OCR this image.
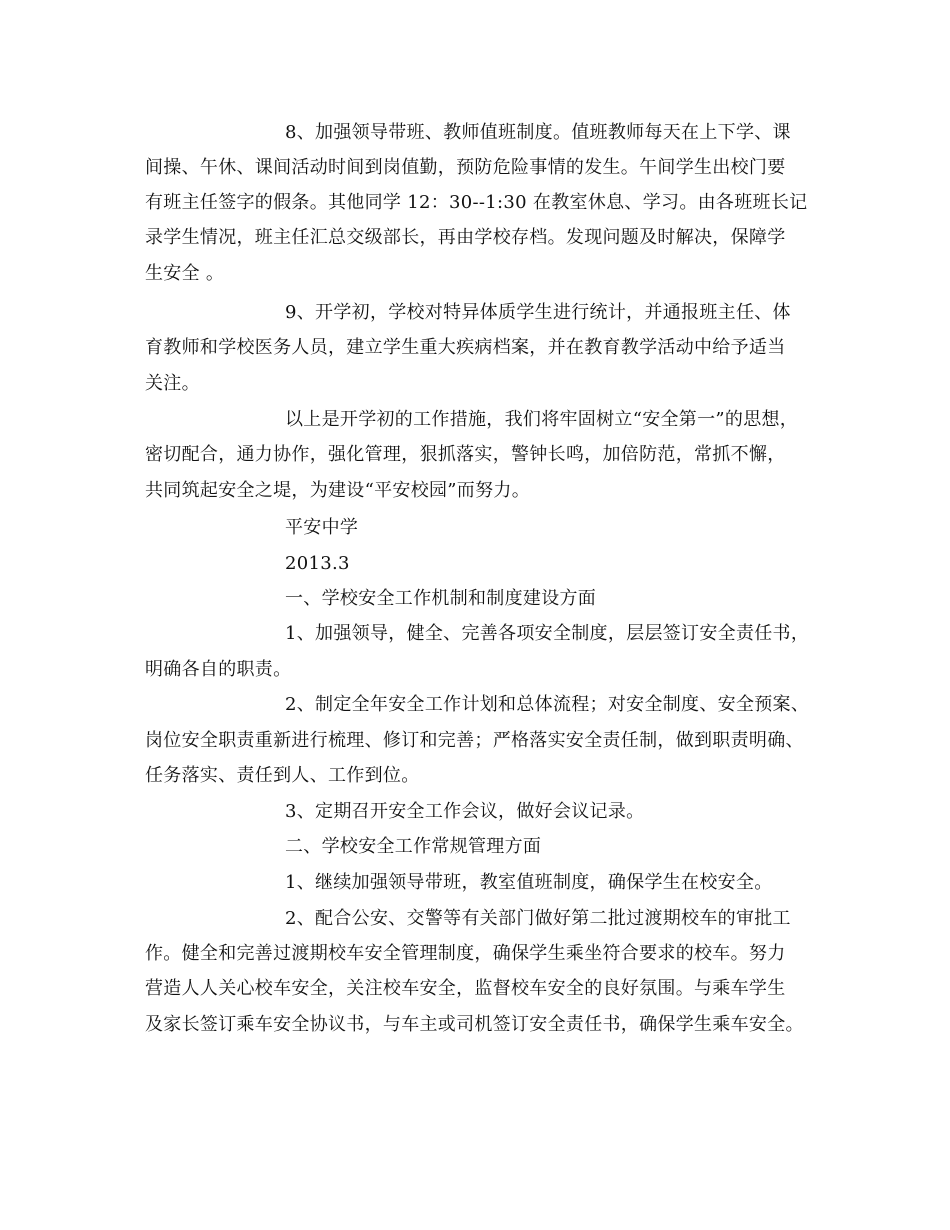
8、加强领导带班、教师值班制度。值班教师每天在上下学、课
间操、午休、课间活动时间到岗值勤，预防危险事情的发生。午间学生出校门要
有班主任签字的假条。其他同学 12：30--1:30 在教室休息、学习。由各班班长记
录学生情况，班主任汇总交级部长，再由学校存档。发现问题及时解决，保障学
生安全 。
9、开学初，学校对特异体质学生进行统计，并通报班主任、体
育教师和学校医务人员，建立学生重大疾病档案，并在教育教学活动中给予适当
关注。
以上是开学初的工作措施，我们将牢固树立“安全第一”的思想，
密切配合，通力协作，强化管理，狠抓落实，警钟长鸣，加倍防范，常抓不懈，
共同筑起安全之堤，为建设“平安校园”而努力。
平安中学
2013.3
一、学校安全工作机制和制度建设方面
1、加强领导，健全、完善各项安全制度，层层签订安全责任书，
明确各自的职责。
2、制定全年安全工作计划和总体流程；对安全制度、安全预案、
岗位安全职责重新进行梳理、修订和完善；严格落实安全责任制，做到职责明确、
任务落实、责任到人、工作到位。
3、定期召开安全工作会议，做好会议记录。
二、学校安全工作常规管理方面
1、继续加强领导带班，教室值班制度，确保学生在校安全。
2、配合公安、交警等有关部门做好第二批过渡期校车的审批工
作。健全和完善过渡期校车安全管理制度，确保学生乘坐符合要求的校车。努力
营造人人关心校车安全，关注校车安全，监督校车安全的良好氛围。与乘车学生
及家长签订乘车安全协议书，与车主或司机签订安全责任书，确保学生乘车安全。
